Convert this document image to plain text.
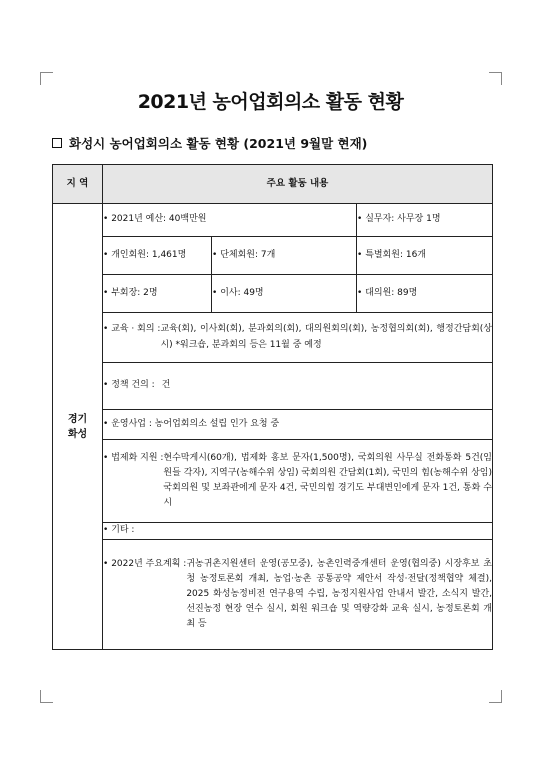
2021년 농어업회의소 활동 현황
화성시 농어업회의소 활동 현황 (2021년 9월말 현재)
지 역	주요 활동 내용		

경기
화성	• 2021년 예산: 40백만원		• 실무자: 사무장 1명
	• 개인회원: 1,461명	• 단체회원: 7개	• 특별회원: 16개
	• 부회장: 2명	• 이사: 49명	• 대의원: 89명

	• 교육 · 회의 : 교육(회), 이사회(회), 분과회의(회), 대의원회의(회), 농정협의회(회), 행정간담회(상시) *워크숍, 분과회의 등은 11월 중 예정		

	• 정책 건의 : 건		
	• 운영사업 : 농어업회의소 설립 인가 요청 중		

	• 법제화 지원 : 현수막게시(60개), 법제화 홍보 문자(1,500명), 국회의원 사무실 전화통화 5건(임원들 각자), 지역구(농해수위 상임) 국회의원 간담회(1회), 국민의 힘(농해수위 상임) 국회의원 및 보좌관에게 문자 4건, 국민의힘 경기도 부대변인에게 문자 1건, 통화 수시		

	• 기타 :		

	• 2022년 주요계획 : 귀농귀촌지원센터 운영(공모중), 농촌인력중개센터 운영(협의중) 시장후보 초청 농정토론회 개최, 농업·농촌 공통공약 제안서 작성·전달(정책협약 체결), 2025 화성농정비전 연구용역 수립, 농정지원사업 안내서 발간, 소식지 발간, 선진농정 현장 연수 실시, 회원 워크숍 및 역량강화 교육 실시, 농정토론회 개최 등		
